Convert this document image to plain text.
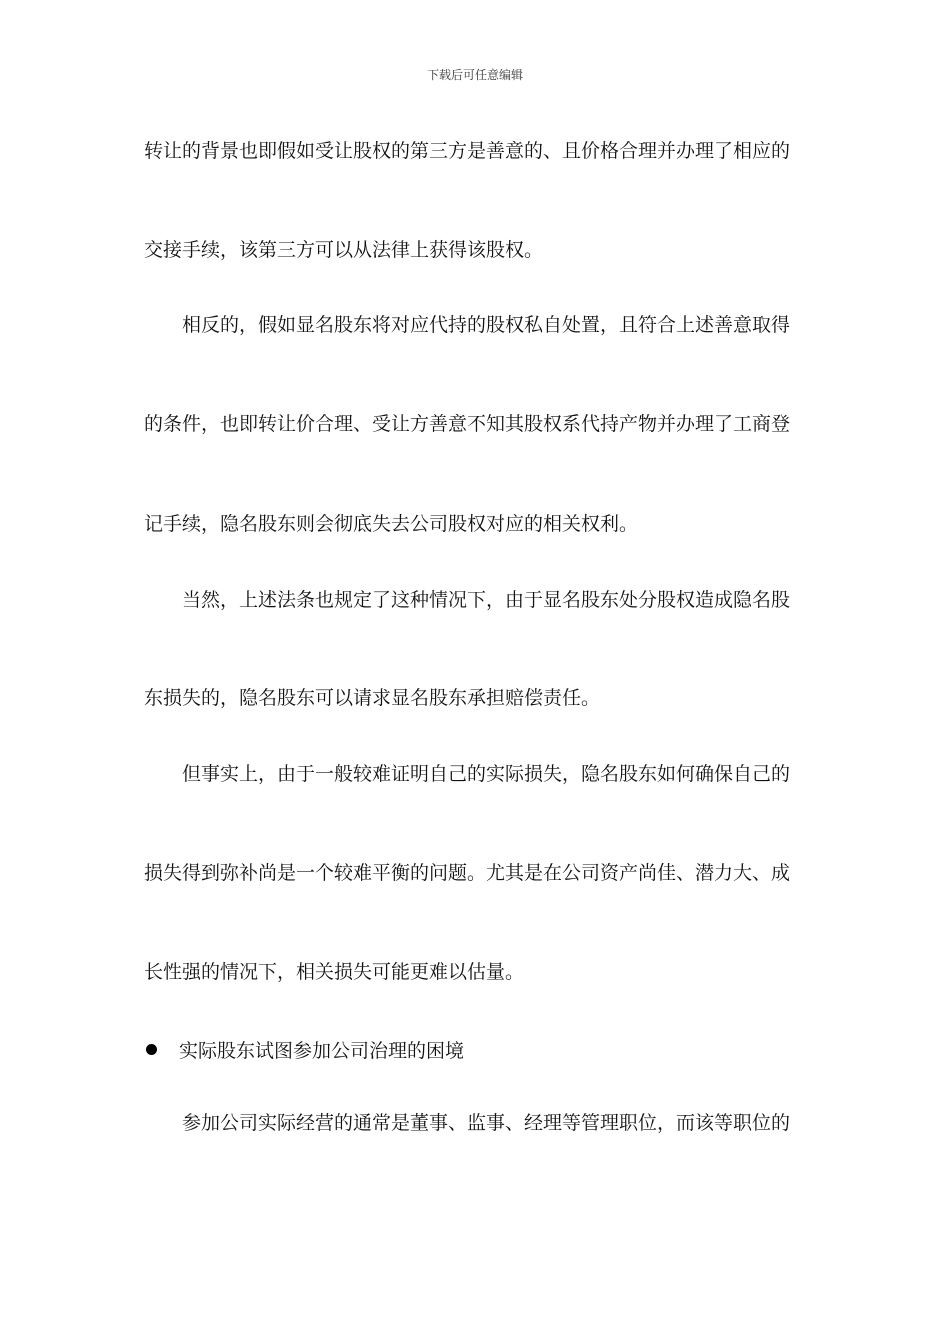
下载后可任意编辑
转让的背景也即假如受让股权的第三方是善意的、且价格合理并办理了相应的
交接手续，该第三方可以从法律上获得该股权。
相反的，假如显名股东将对应代持的股权私自处置，且符合上述善意取得
的条件，也即转让价合理、受让方善意不知其股权系代持产物并办理了工商登
记手续，隐名股东则会彻底失去公司股权对应的相关权利。
当然，上述法条也规定了这种情况下，由于显名股东处分股权造成隐名股
东损失的，隐名股东可以请求显名股东承担赔偿责任。
但事实上，由于一般较难证明自己的实际损失，隐名股东如何确保自己的
损失得到弥补尚是一个较难平衡的问题。尤其是在公司资产尚佳、潜力大、成
长性强的情况下，相关损失可能更难以估量。
实际股东试图参加公司治理的困境
参加公司实际经营的通常是董事、监事、经理等管理职位，而该等职位的
